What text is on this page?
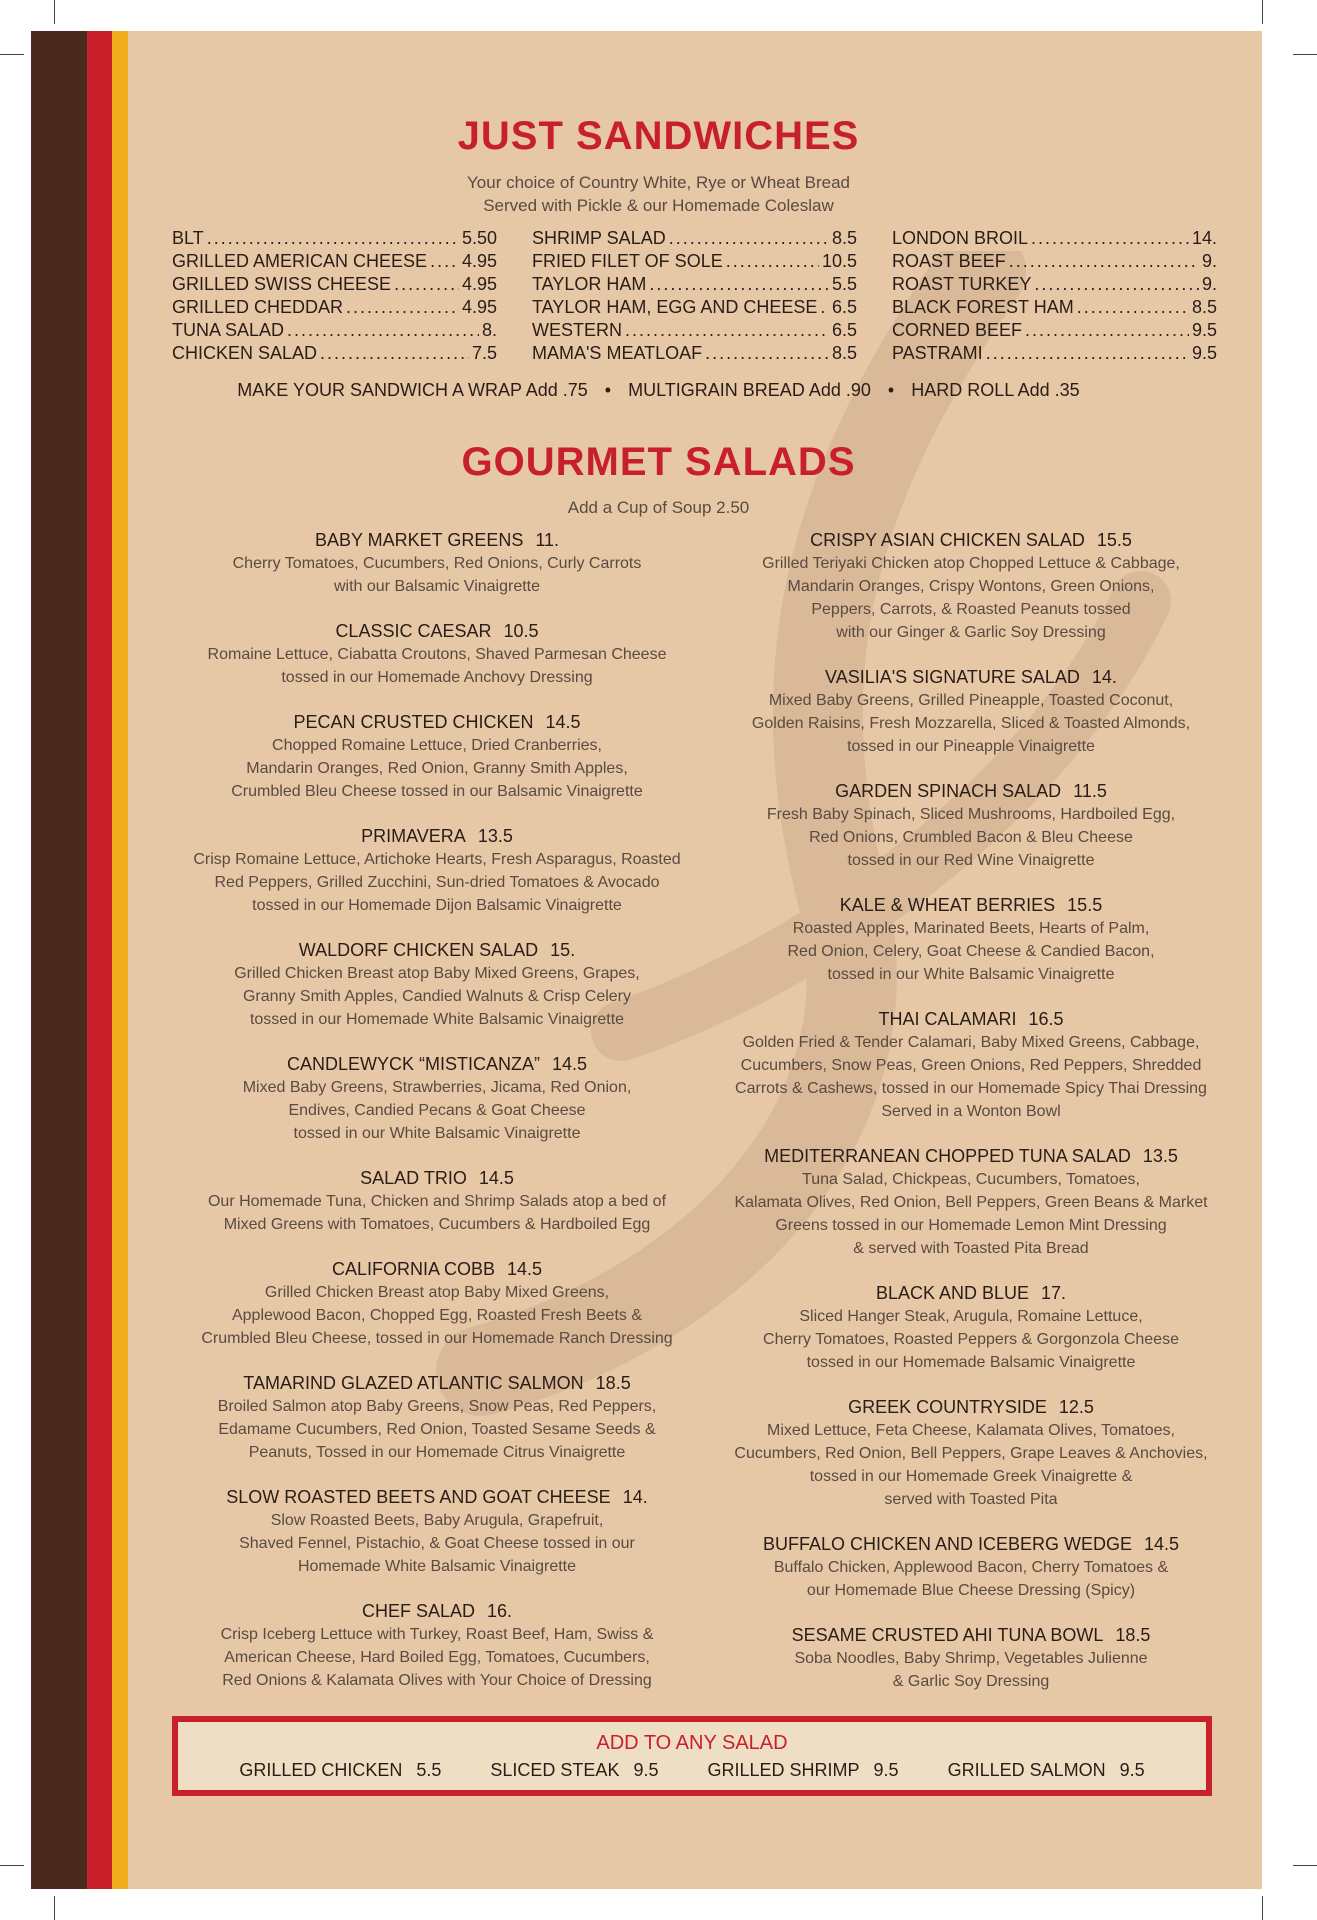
JUST SANDWICHES
Your choice of Country White, Rye or Wheat Bread
Served with Pickle & our Homemade Coleslaw
BLT .....	5.50
GRILLED AMERICAN CHEESE ..... 4.95
GRILLED SWISS CHEESE .....	4.95
GRILLED CHEDDAR .....	4.95
TUNA SALAD .....	8.
CHICKEN SALAD .....	7.5
SHRIMP SALAD .....	8.5
FRIED FILET OF SOLE .....	10.5
TAYLOR HAM .....	5.5
TAYLOR HAM, EGG AND CHEESE ..... 6.5
WESTERN .....	6.5
MAMA'S MEATLOAF .....	8.5
LONDON BROIL .....	14.
ROAST BEEF .....	9.
ROAST TURKEY .....	9.
BLACK FOREST HAM .....	8.5
CORNED BEEF .....	9.5
PASTRAMI .....	9.5
MAKE YOUR SANDWICH A WRAP Add .75 • MULTIGRAIN BREAD Add .90 • HARD ROLL Add .35
GOURMET SALADS
Add a Cup of Soup 2.50
BABY MARKET GREENS 11.
Cherry Tomatoes, Cucumbers, Red Onions, Curly Carrots
with our Balsamic Vinaigrette
CLASSIC CAESAR 10.5
Romaine Lettuce, Ciabatta Croutons, Shaved Parmesan Cheese
tossed in our Homemade Anchovy Dressing
PECAN CRUSTED CHICKEN 14.5
Chopped Romaine Lettuce, Dried Cranberries,
Mandarin Oranges, Red Onion, Granny Smith Apples,
Crumbled Bleu Cheese tossed in our Balsamic Vinaigrette
PRIMAVERA 13.5
Crisp Romaine Lettuce, Artichoke Hearts, Fresh Asparagus, Roasted
Red Peppers, Grilled Zucchini, Sun-dried Tomatoes & Avocado
tossed in our Homemade Dijon Balsamic Vinaigrette
WALDORF CHICKEN SALAD 15.
Grilled Chicken Breast atop Baby Mixed Greens, Grapes,
Granny Smith Apples, Candied Walnuts & Crisp Celery
tossed in our Homemade White Balsamic Vinaigrette
CANDLEWYCK “MISTICANZA” 14.5
Mixed Baby Greens, Strawberries, Jicama, Red Onion,
Endives, Candied Pecans & Goat Cheese
tossed in our White Balsamic Vinaigrette
SALAD TRIO 14.5
Our Homemade Tuna, Chicken and Shrimp Salads atop a bed of
Mixed Greens with Tomatoes, Cucumbers & Hardboiled Egg
CALIFORNIA COBB 14.5
Grilled Chicken Breast atop Baby Mixed Greens,
Applewood Bacon, Chopped Egg, Roasted Fresh Beets &
Crumbled Bleu Cheese, tossed in our Homemade Ranch Dressing
TAMARIND GLAZED ATLANTIC SALMON 18.5
Broiled Salmon atop Baby Greens, Snow Peas, Red Peppers,
Edamame Cucumbers, Red Onion, Toasted Sesame Seeds &
Peanuts, Tossed in our Homemade Citrus Vinaigrette
SLOW ROASTED BEETS AND GOAT CHEESE 14.
Slow Roasted Beets, Baby Arugula, Grapefruit,
Shaved Fennel, Pistachio, & Goat Cheese tossed in our
Homemade White Balsamic Vinaigrette
CHEF SALAD 16.
Crisp Iceberg Lettuce with Turkey, Roast Beef, Ham, Swiss &
American Cheese, Hard Boiled Egg, Tomatoes, Cucumbers,
Red Onions & Kalamata Olives with Your Choice of Dressing
CRISPY ASIAN CHICKEN SALAD 15.5
Grilled Teriyaki Chicken atop Chopped Lettuce & Cabbage,
Mandarin Oranges, Crispy Wontons, Green Onions,
Peppers, Carrots, & Roasted Peanuts tossed
with our Ginger & Garlic Soy Dressing
VASILIA'S SIGNATURE SALAD 14.
Mixed Baby Greens, Grilled Pineapple, Toasted Coconut,
Golden Raisins, Fresh Mozzarella, Sliced & Toasted Almonds,
tossed in our Pineapple Vinaigrette
GARDEN SPINACH SALAD 11.5
Fresh Baby Spinach, Sliced Mushrooms, Hardboiled Egg,
Red Onions, Crumbled Bacon & Bleu Cheese
tossed in our Red Wine Vinaigrette
KALE & WHEAT BERRIES 15.5
Roasted Apples, Marinated Beets, Hearts of Palm,
Red Onion, Celery, Goat Cheese & Candied Bacon,
tossed in our White Balsamic Vinaigrette
THAI CALAMARI 16.5
Golden Fried & Tender Calamari, Baby Mixed Greens, Cabbage,
Cucumbers, Snow Peas, Green Onions, Red Peppers, Shredded
Carrots & Cashews, tossed in our Homemade Spicy Thai Dressing
Served in a Wonton Bowl
MEDITERRANEAN CHOPPED TUNA SALAD 13.5
Tuna Salad, Chickpeas, Cucumbers, Tomatoes,
Kalamata Olives, Red Onion, Bell Peppers, Green Beans & Market
Greens tossed in our Homemade Lemon Mint Dressing
& served with Toasted Pita Bread
BLACK AND BLUE 17.
Sliced Hanger Steak, Arugula, Romaine Lettuce,
Cherry Tomatoes, Roasted Peppers & Gorgonzola Cheese
tossed in our Homemade Balsamic Vinaigrette
GREEK COUNTRYSIDE 12.5
Mixed Lettuce, Feta Cheese, Kalamata Olives, Tomatoes,
Cucumbers, Red Onion, Bell Peppers, Grape Leaves & Anchovies,
tossed in our Homemade Greek Vinaigrette &
served with Toasted Pita
BUFFALO CHICKEN AND ICEBERG WEDGE 14.5
Buffalo Chicken, Applewood Bacon, Cherry Tomatoes &
our Homemade Blue Cheese Dressing (Spicy)
SESAME CRUSTED AHI TUNA BOWL 18.5
Soba Noodles, Baby Shrimp, Vegetables Julienne
& Garlic Soy Dressing
ADD TO ANY SALAD
GRILLED CHICKEN 5.5	SLICED STEAK 9.5	GRILLED SHRIMP 9.5	GRILLED SALMON 9.5
